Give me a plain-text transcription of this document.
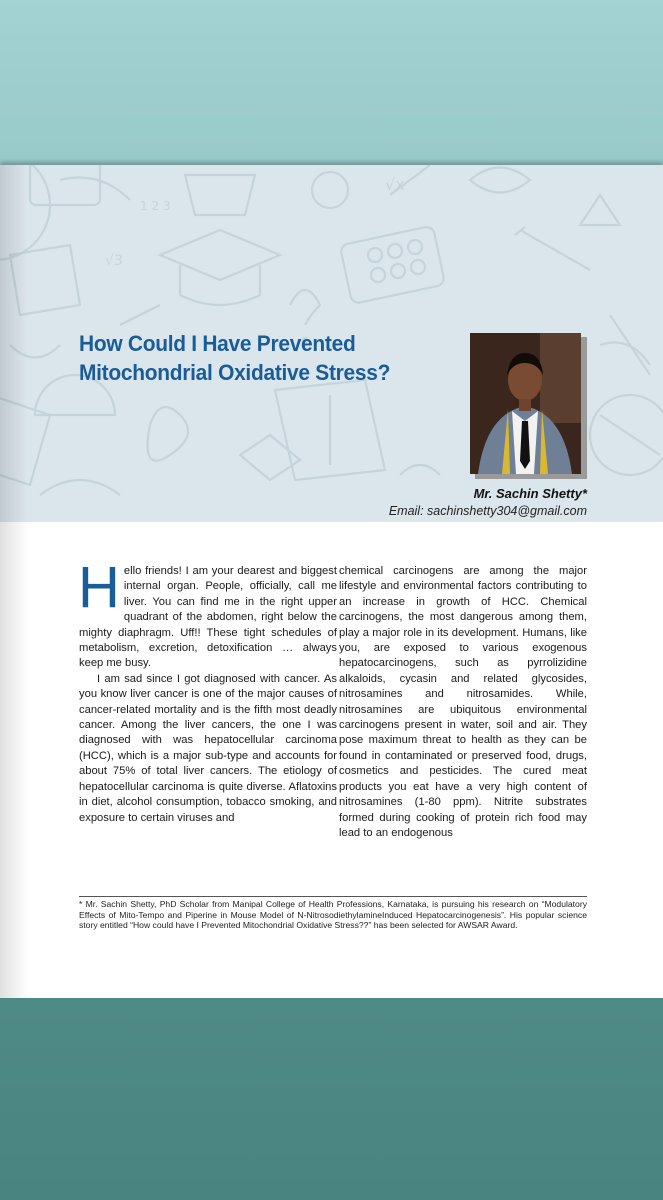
√x
1 2 3
√3
How Could I Have Prevented
Mitochondrial Oxidative Stress?
Mr. Sachin Shetty*
Email: sachinshetty304@gmail.com

Hello friends! I am your dearest and biggest internal organ. People, officially, call me liver. You can find me in the right upper quadrant of the abdomen, right below the mighty diaphragm. Uff!! These tight schedules of metabolism, excretion, detoxification … always keep me busy.

I am sad since I got diagnosed with cancer. As you know liver cancer is one of the major causes of cancer-related mortality and is the fifth most deadly cancer. Among the liver cancers, the one I was diagnosed with was hepatocellular carcinoma (HCC), which is a major sub-type and accounts for about 75% of total liver cancers. The etiology of hepatocellular carcinoma is quite diverse. Aflatoxins in diet, alcohol consumption, tobacco smoking, and exposure to certain viruses and

chemical carcinogens are among the major lifestyle and environmental factors contributing to an increase in growth of HCC. Chemical carcinogens, the most dangerous among them, play a major role in its development. Humans, like you, are exposed to various exogenous hepatocarcinogens, such as pyrrolizidine alkaloids, cycasin and related glycosides, nitrosamines and nitrosamides. While, nitrosamines are ubiquitous environmental carcinogens present in water, soil and air. They pose maximum threat to health as they can be found in contaminated or preserved food, drugs, cosmetics and pesticides. The cured meat products you eat have a very high content of nitrosamines (1-80 ppm). Nitrite substrates formed during cooking of protein rich food may lead to an endogenous

* Mr. Sachin Shetty, PhD Scholar from Manipal College of Health Professions, Karnataka, is pursuing his research on “Modulatory Effects of Mito-Tempo and Piperine in Mouse Model of N-NitrosodiethylamineInduced Hepatocarcinogenesis”. His popular science story entitled “How could have I Prevented Mitochondrial Oxidative Stress??” has been selected for AWSAR Award.
